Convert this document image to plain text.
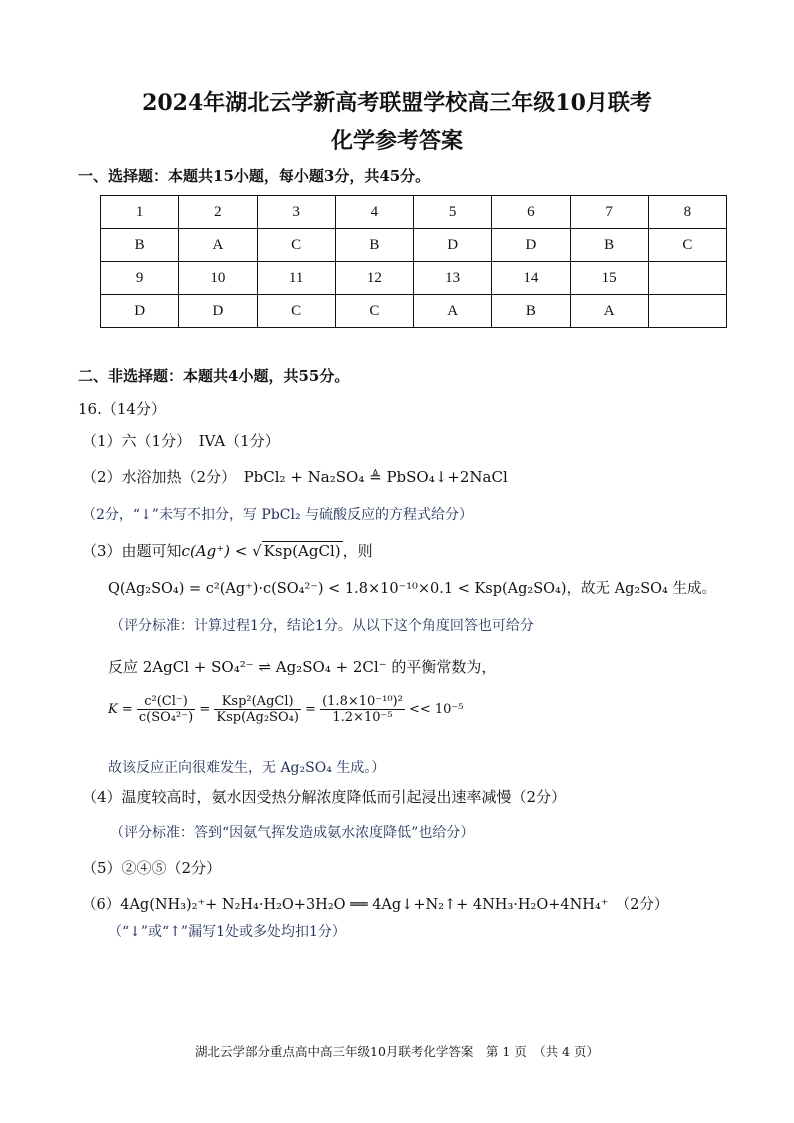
2024年湖北云学新高考联盟学校高三年级10月联考
化学参考答案
一、选择题：本题共15小题，每小题3分，共45分。
1	2	3	4	5	6	7	8
B	A	C	B	D	D	B	C
9	10	11	12	13	14	15	
D	D	C	C	A	B	A	
二、非选择题：本题共4小题，共55分。
16.（14分）
（1）六（1分）　IVA（1分）
（2）水浴加热（2分）　PbCl₂ + Na₂SO₄ ≜ PbSO₄↓+2NaCl
（2分，“↓”未写不扣分，写 PbCl₂ 与硫酸反应的方程式给分）
（3）由题可知c(Ag⁺) < √ Ksp(AgCl) ，则
Q(Ag₂SO₄) = c²(Ag⁺)·c(SO₄²⁻) < 1.8×10⁻¹⁰×0.1 < Ksp(Ag₂SO₄)，故无 Ag₂SO₄ 生成。
（评分标准：计算过程1分，结论1分。从以下这个角度回答也可给分
反应 2AgCl + SO₄²⁻ ⇌ Ag₂SO₄ + 2Cl⁻ 的平衡常数为，
$K = \frac{\text{c²(Cl⁻)}}{\text{c(SO₄²⁻)}} = \frac{\text{Ksp²(AgCl)}}{\text{Ksp(Ag₂SO₄)}} = \frac{\text{(1.8×10⁻¹⁰)²}}{\text{1.2×10⁻⁵}} << 10^{-5}$
故该反应正向很难发生，无 Ag₂SO₄ 生成。）
（4）温度较高时，氨水因受热分解浓度降低而引起浸出速率减慢（2分）
（评分标准：答到“因氨气挥发造成氨水浓度降低”也给分）
（5）②④⑤（2分）
（6）4Ag(NH₃)₂⁺+ N₂H₄·H₂O+3H₂O ══ 4Ag↓+N₂↑+ 4NH₃·H₂O+4NH₄⁺　（2分）
（“↓”或“↑”漏写1处或多处均扣1分）
湖北云学部分重点高中高三年级10月联考化学答案　第 1 页　（共 4 页）
